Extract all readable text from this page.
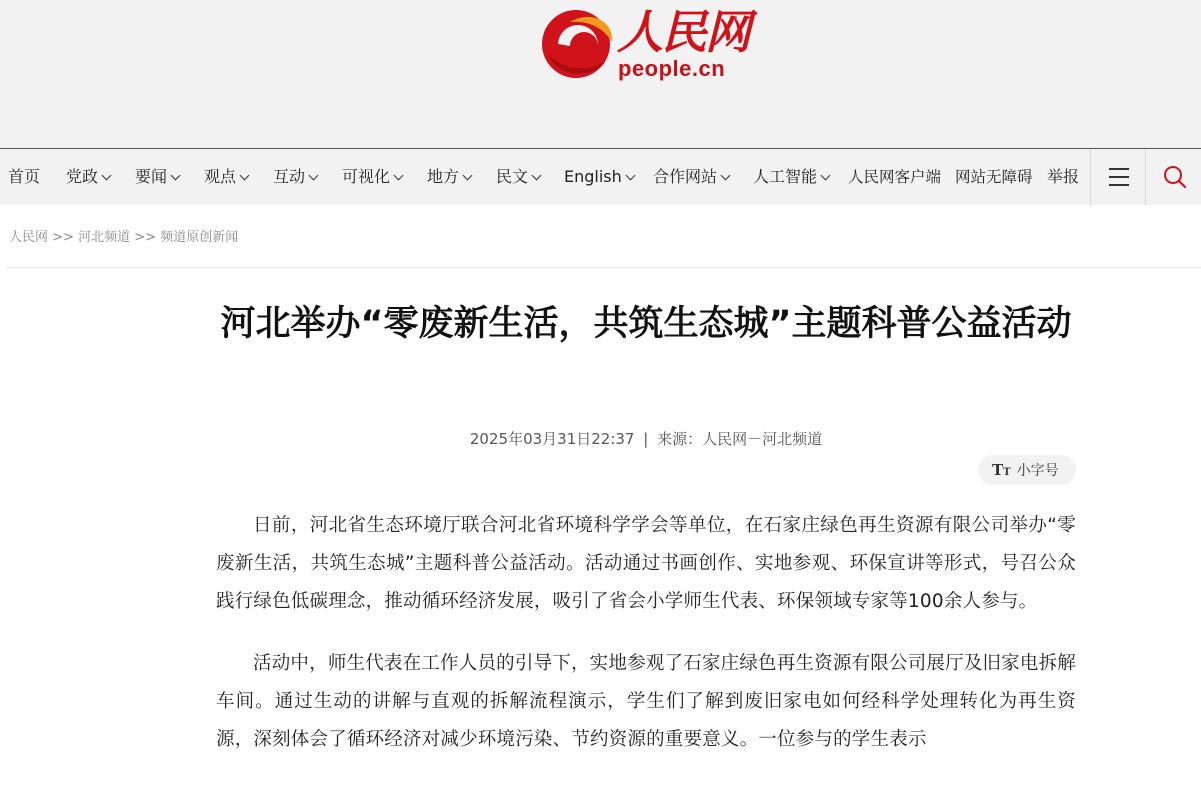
人民网
people.cn
首页 党政	要闻	观点	互动	可视化	地方	民文	English	合作网站	人工智能	人民网客户端 网站无障碍 举报
人民网 >> 河北频道 >> 频道原创新闻
河北举办“零废新生活，共筑生态城”主题科普公益活动
2025年03月31日22:37 | 来源：人民网－河北频道
TT 小字号

日前，河北省生态环境厅联合河北省环境科学学会等单位，在石家庄绿色再生资源有限公司举办“零废新生活，共筑生态城”主题科普公益活动。活动通过书画创作、实地参观、环保宣讲等形式，号召公众践行绿色低碳理念，推动循环经济发展，吸引了省会小学师生代表、环保领域专家等100余人参与。

活动中，师生代表在工作人员的引导下，实地参观了石家庄绿色再生资源有限公司展厅及旧家电拆解车间。通过生动的讲解与直观的拆解流程演示，学生们了解到废旧家电如何经科学处理转化为再生资源，深刻体会了循环经济对减少环境污染、节约资源的重要意义。一位参与的学生表示
